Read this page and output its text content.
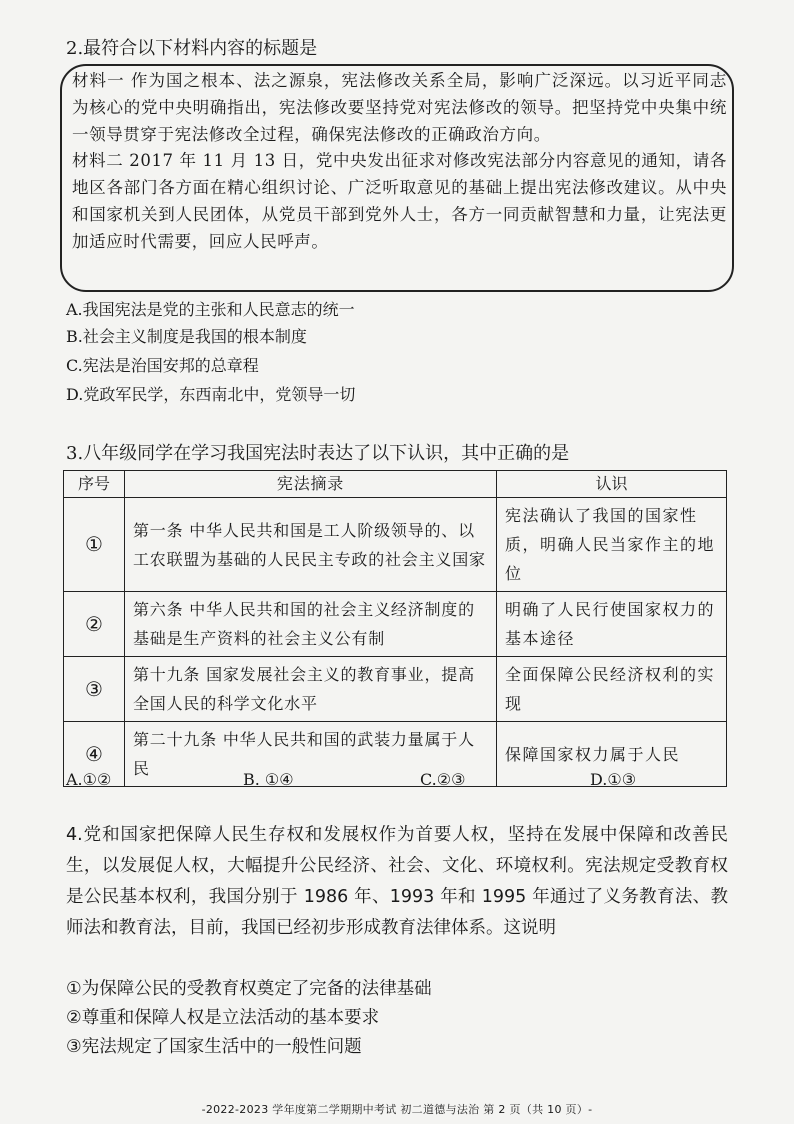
2.最符合以下材料内容的标题是

材料一 作为国之根本、法之源泉，宪法修改关系全局，影响广泛深远。以习近平同志为核心的党中央明确指出，宪法修改要坚持党对宪法修改的领导。把坚持党中央集中统一领导贯穿于宪法修改全过程，确保宪法修改的正确政治方向。

材料二 2017 年 11 月 13 日，党中央发出征求对修改宪法部分内容意见的通知，请各地区各部门各方面在精心组织讨论、广泛听取意见的基础上提出宪法修改建议。从中央和国家机关到人民团体，从党员干部到党外人士，各方一同贡献智慧和力量，让宪法更加适应时代需要，回应人民呼声。

A.我国宪法是党的主张和人民意志的统一
B.社会主义制度是我国的根本制度
C.宪法是治国安邦的总章程
D.党政军民学，东西南北中，党领导一切
3.八年级同学在学习我国宪法时表达了以下认识，其中正确的是
序号	宪法摘录	认识
①	第一条 中华人民共和国是工人阶级领导的、以工农联盟为基础的人民民主专政的社会主义国家	宪法确认了我国的国家性质，明确人民当家作主的地位
②	第六条 中华人民共和国的社会主义经济制度的基础是生产资料的社会主义公有制	明确了人民行使国家权力的基本途径
③	第十九条 国家发展社会主义的教育事业，提高全国人民的科学文化水平	全面保障公民经济权利的实现
④	第二十九条 中华人民共和国的武装力量属于人民	保障国家权力属于人民
A.①②	B. ①④	C.②③	D.①③

4.党和国家把保障人民生存权和发展权作为首要人权，坚持在发展中保障和改善民生，以发展促人权，大幅提升公民经济、社会、文化、环境权利。宪法规定受教育权是公民基本权利，我国分别于 1986 年、1993 年和 1995 年通过了义务教育法、教师法和教育法，目前，我国已经初步形成教育法律体系。这说明

①为保障公民的受教育权奠定了完备的法律基础
②尊重和保障人权是立法活动的基本要求
③宪法规定了国家生活中的一般性问题
-2022-2023 学年度第二学期期中考试 初二道德与法治 第 2 页（共 10 页）-
